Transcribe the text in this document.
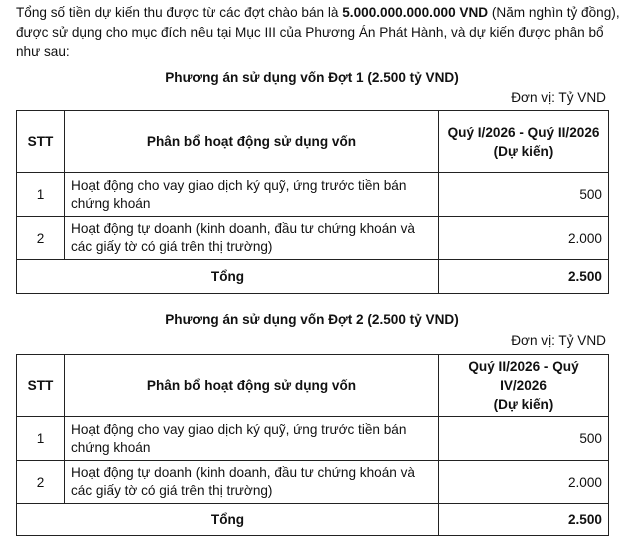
Tổng số tiền dự kiến thu được từ các đợt chào bán là 5.000.000.000.000 VND (Năm nghìn tỷ đồng), được sử dụng cho mục đích nêu tại Mục III của Phương Án Phát Hành, và dự kiến được phân bổ như sau:

Phương án sử dụng vốn Đợt 1 (2.500 tỷ VND)

Đơn vị: Tỷ VND

STT	Phân bổ hoạt động sử dụng vốn	Quý I/2026 - Quý II/2026
(Dự kiến)
1	Hoạt động cho vay giao dịch ký quỹ, ứng trước tiền bán chứng khoán	500
2	Hoạt động tự doanh (kinh doanh, đầu tư chứng khoán và các giấy tờ có giá trên thị trường)	2.000
Tổng		2.500

Phương án sử dụng vốn Đợt 2 (2.500 tỷ VND)

Đơn vị: Tỷ VND

STT	Phân bổ hoạt động sử dụng vốn	Quý II/2026 - Quý IV/2026
(Dự kiến)
1	Hoạt động cho vay giao dịch ký quỹ, ứng trước tiền bán chứng khoán	500
2	Hoạt động tự doanh (kinh doanh, đầu tư chứng khoán và các giấy tờ có giá trên thị trường)	2.000
Tổng		2.500
